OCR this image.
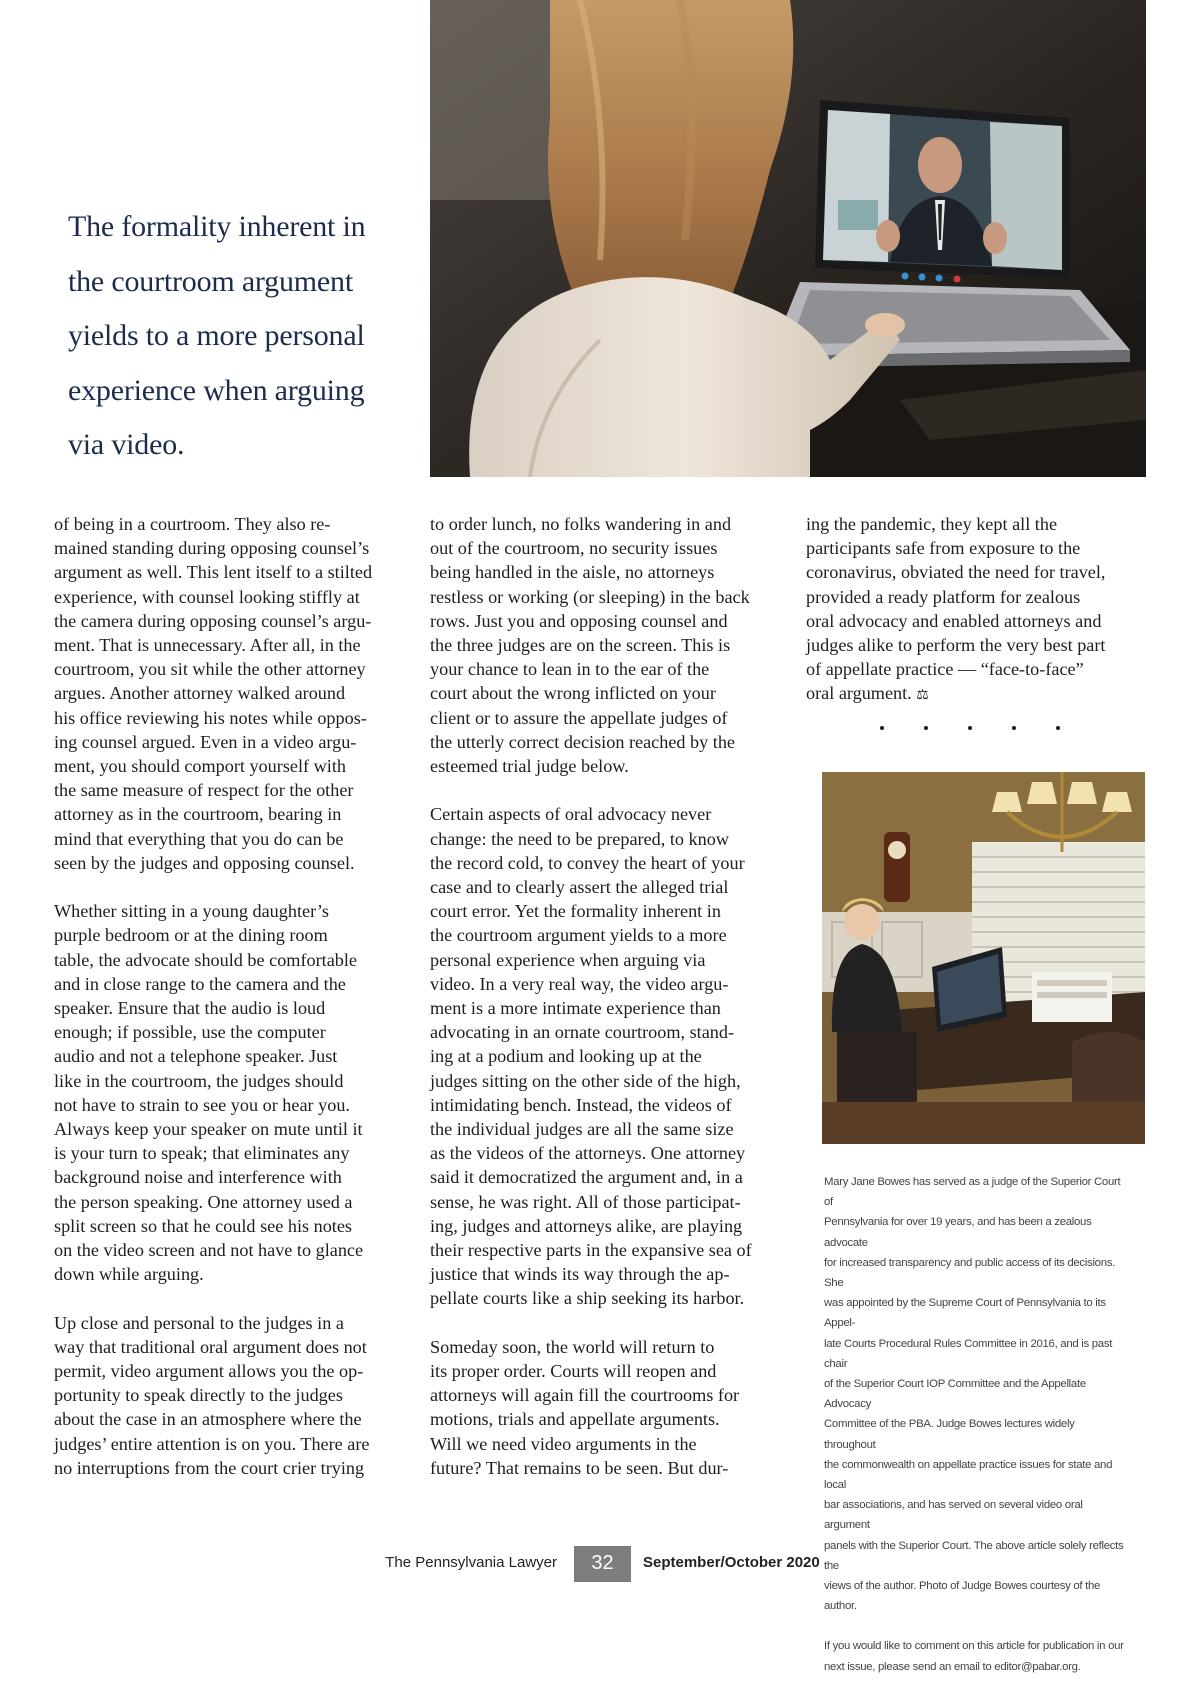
The formality inherent in
the courtroom argument
yields to a more personal
experience when arguing
via video.

of being in a courtroom. They also re-
mained standing during opposing counsel’s
argument as well. This lent itself to a stilted
experience, with counsel looking stiffly at
the camera during opposing counsel’s argu-
ment. That is unnecessary. After all, in the
courtroom, you sit while the other attorney
argues. Another attorney walked around
his office reviewing his notes while oppos-
ing counsel argued. Even in a video argu-
ment, you should comport yourself with
the same measure of respect for the other
attorney as in the courtroom, bearing in
mind that everything that you do can be
seen by the judges and opposing counsel.

Whether sitting in a young daughter’s
purple bedroom or at the dining room
table, the advocate should be comfortable
and in close range to the camera and the
speaker. Ensure that the audio is loud
enough; if possible, use the computer
audio and not a telephone speaker. Just
like in the courtroom, the judges should
not have to strain to see you or hear you.
Always keep your speaker on mute until it
is your turn to speak; that eliminates any
background noise and interference with
the person speaking. One attorney used a
split screen so that he could see his notes
on the video screen and not have to glance
down while arguing.

Up close and personal to the judges in a
way that traditional oral argument does not
permit, video argument allows you the op-
portunity to speak directly to the judges
about the case in an atmosphere where the
judges’ entire attention is on you. There are
no interruptions from the court crier trying

to order lunch, no folks wandering in and
out of the courtroom, no security issues
being handled in the aisle, no attorneys
restless or working (or sleeping) in the back
rows. Just you and opposing counsel and
the three judges are on the screen. This is
your chance to lean in to the ear of the
court about the wrong inflicted on your
client or to assure the appellate judges of
the utterly correct decision reached by the
esteemed trial judge below.

Certain aspects of oral advocacy never
change: the need to be prepared, to know
the record cold, to convey the heart of your
case and to clearly assert the alleged trial
court error. Yet the formality inherent in
the courtroom argument yields to a more
personal experience when arguing via
video. In a very real way, the video argu-
ment is a more intimate experience than
advocating in an ornate courtroom, stand-
ing at a podium and looking up at the
judges sitting on the other side of the high,
intimidating bench. Instead, the videos of
the individual judges are all the same size
as the videos of the attorneys. One attorney
said it democratized the argument and, in a
sense, he was right. All of those participat-
ing, judges and attorneys alike, are playing
their respective parts in the expansive sea of
justice that winds its way through the ap-
pellate courts like a ship seeking its harbor.

Someday soon, the world will return to
its proper order. Courts will reopen and
attorneys will again fill the courtrooms for
motions, trials and appellate arguments.
Will we need video arguments in the
future? That remains to be seen. But dur-

ing the pandemic, they kept all the
participants safe from exposure to the
coronavirus, obviated the need for travel,
provided a ready platform for zealous
oral advocacy and enabled attorneys and
judges alike to perform the very best part
of appellate practice — “face-to-face”
oral argument. ⚖

Mary Jane Bowes has served as a judge of the Superior Court of
Pennsylvania for over 19 years, and has been a zealous advocate
for increased transparency and public access of its decisions. She
was appointed by the Supreme Court of Pennsylvania to its Appel-
late Courts Procedural Rules Committee in 2016, and is past chair
of the Superior Court IOP Committee and the Appellate Advocacy
Committee of the PBA. Judge Bowes lectures widely throughout
the commonwealth on appellate practice issues for state and local
bar associations, and has served on several video oral argument
panels with the Superior Court. The above article solely reflects the
views of the author. Photo of Judge Bowes courtesy of the author.

If you would like to comment on this article for publication in our
next issue, please send an email to editor@pabar.org.

The Pennsylvania Lawyer	32	September/October 2020
